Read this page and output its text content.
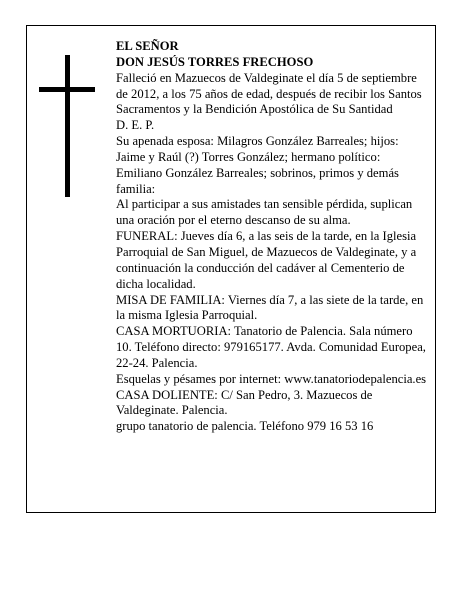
EL SEÑOR

DON JESÚS TORRES FRECHOSO

Falleció en Mazuecos de Valdeginate el día 5 de septiembre de 2012, a los 75 años de edad, después de recibir los Santos Sacramentos y la Bendición Apostólica de Su Santidad

D. E. P.

Su apenada esposa: Milagros González Barreales; hijos: Jaime y Raúl (?) Torres González; hermano político: Emiliano González Barreales; sobrinos, primos y demás familia:

Al participar a sus amistades tan sensible pérdida, suplican una oración por el eterno descanso de su alma.

FUNERAL: Jueves día 6, a las seis de la tarde, en la Iglesia Parroquial de San Miguel, de Mazuecos de Valdeginate, y a continuación la conducción del cadáver al Cementerio de dicha localidad.

MISA DE FAMILIA: Viernes día 7, a las siete de la tarde, en la misma Iglesia Parroquial.

CASA MORTUORIA: Tanatorio de Palencia. Sala número 10. Teléfono directo: 979165177. Avda. Comunidad Europea, 22-24. Palencia.

Esquelas y pésames por internet: www.tanatoriodepalencia.es

CASA DOLIENTE: C/ San Pedro, 3. Mazuecos de Valdeginate. Palencia.

grupo tanatorio de palencia. Teléfono 979 16 53 16
